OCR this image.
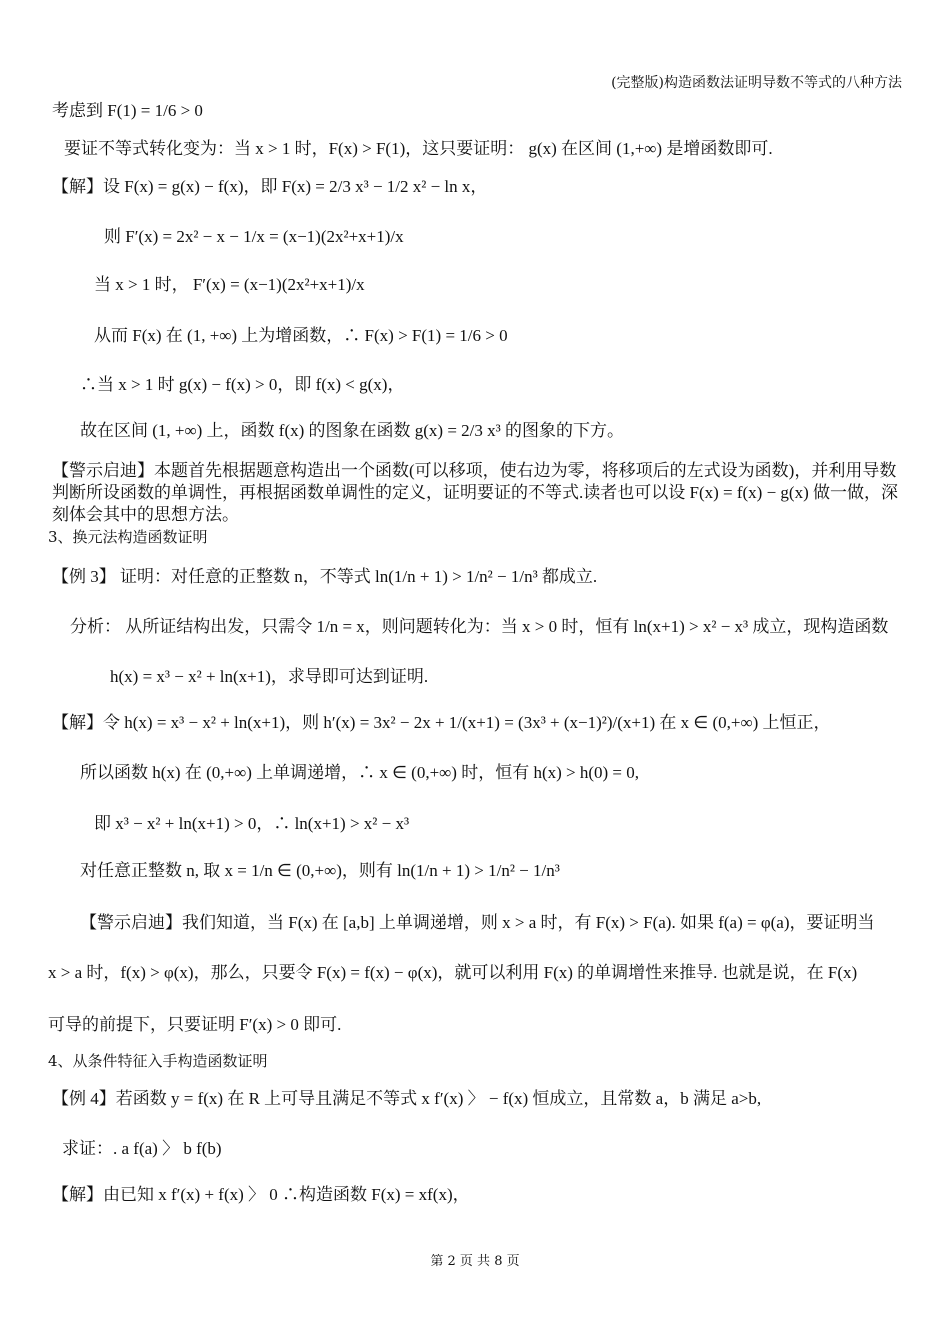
(完整版)构造函数法证明导数不等式的八种方法
考虑到 F(1) = 1/6 > 0
要证不等式转化变为：当 x > 1 时，F(x) > F(1)，这只要证明： g(x) 在区间 (1,+∞) 是增函数即可.
【解】设 F(x) = g(x) − f(x)，即 F(x) = 2/3 x³ − 1/2 x² − ln x，
则 F′(x) = 2x² − x − 1/x = (x−1)(2x²+x+1)/x
当 x > 1 时， F′(x) = (x−1)(2x²+x+1)/x
从而 F(x) 在 (1, +∞) 上为增函数，∴ F(x) > F(1) = 1/6 > 0
∴当 x > 1 时 g(x) − f(x) > 0，即 f(x) < g(x)，
故在区间 (1, +∞) 上，函数 f(x) 的图象在函数 g(x) = 2/3 x³ 的图象的下方。
【警示启迪】本题首先根据题意构造出一个函数(可以移项，使右边为零，将移项后的左式设为函数)，并利用导数判断所设函数的单调性，再根据函数单调性的定义，证明要证的不等式.读者也可以设 F(x) = f(x) − g(x) 做一做，深刻体会其中的思想方法。
3、换元法构造函数证明
【例 3】 证明：对任意的正整数 n，不等式 ln(1/n + 1) > 1/n² − 1/n³ 都成立.
分析： 从所证结构出发，只需令 1/n = x，则问题转化为：当 x > 0 时，恒有 ln(x+1) > x² − x³ 成立，现构造函数
h(x) = x³ − x² + ln(x+1)，求导即可达到证明.
【解】令 h(x) = x³ − x² + ln(x+1)，则 h′(x) = 3x² − 2x + 1/(x+1) = (3x³ + (x−1)²)/(x+1) 在 x ∈ (0,+∞) 上恒正，
所以函数 h(x) 在 (0,+∞) 上单调递增，∴ x ∈ (0,+∞) 时，恒有 h(x) > h(0) = 0,
即 x³ − x² + ln(x+1) > 0，∴ ln(x+1) > x² − x³
对任意正整数 n, 取 x = 1/n ∈ (0,+∞)，则有 ln(1/n + 1) > 1/n² − 1/n³
【警示启迪】我们知道，当 F(x) 在 [a,b] 上单调递增，则 x > a 时，有 F(x) > F(a). 如果 f(a) = φ(a)，要证明当
x > a 时，f(x) > φ(x)，那么，只要令 F(x) = f(x) − φ(x)，就可以利用 F(x) 的单调增性来推导. 也就是说，在 F(x)
可导的前提下，只要证明 F′(x) > 0 即可.
4、从条件特征入手构造函数证明
【例 4】若函数 y = f(x) 在 R 上可导且满足不等式 x f′(x) 〉 − f(x) 恒成立，且常数 a，b 满足 a>b,
求证：. a f(a) 〉 b f(b)
【解】由已知 x f′(x) + f(x) 〉 0 ∴构造函数 F(x) = xf(x)，
第 2 页 共 8 页
